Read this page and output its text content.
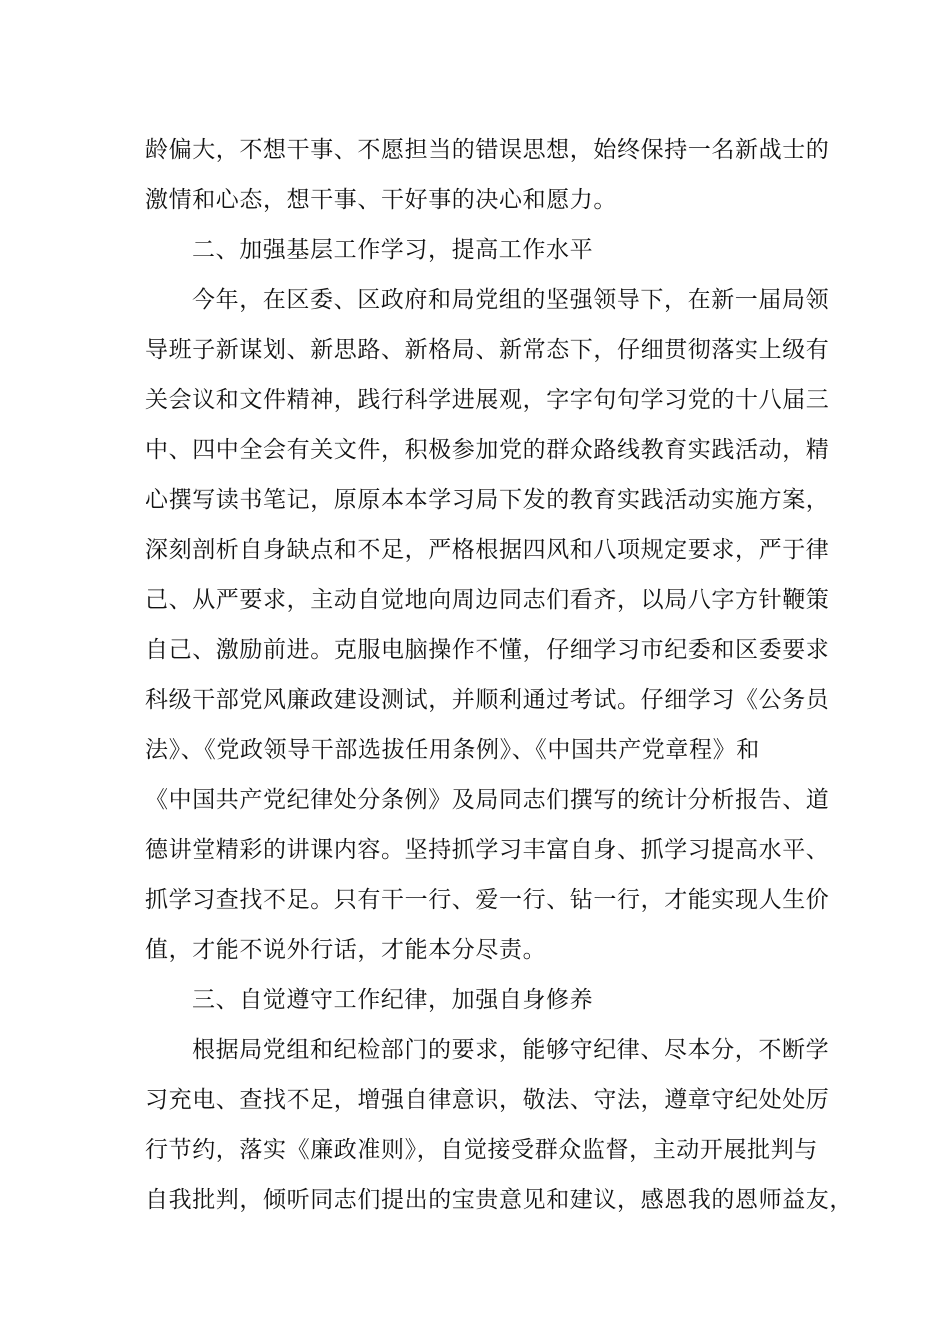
龄偏大，不想干事、不愿担当的错误思想，始终保持一名新战士的
激情和心态，想干事、干好事的决心和愿力。
二、加强基层工作学习，提高工作水平
今年，在区委、区政府和局党组的坚强领导下，在新一届局领
导班子新谋划、新思路、新格局、新常态下，仔细贯彻落实上级有
关会议和文件精神，践行科学进展观，字字句句学习党的十八届三
中、四中全会有关文件，积极参加党的群众路线教育实践活动，精
心撰写读书笔记，原原本本学习局下发的教育实践活动实施方案，
深刻剖析自身缺点和不足，严格根据四风和八项规定要求，严于律
己、从严要求，主动自觉地向周边同志们看齐，以局八字方针鞭策
自己、激励前进。克服电脑操作不懂，仔细学习市纪委和区委要求
科级干部党风廉政建设测试，并顺利通过考试。仔细学习《公务员
法》、《党政领导干部选拔任用条例》、《中国共产党章程》和
《中国共产党纪律处分条例》及局同志们撰写的统计分析报告、道
德讲堂精彩的讲课内容。坚持抓学习丰富自身、抓学习提高水平、
抓学习查找不足。只有干一行、爱一行、钻一行，才能实现人生价
值，才能不说外行话，才能本分尽责。
三、自觉遵守工作纪律，加强自身修养
根据局党组和纪检部门的要求，能够守纪律、尽本分，不断学
习充电、查找不足，增强自律意识，敬法、守法，遵章守纪处处厉
行节约，落实《廉政准则》，自觉接受群众监督，主动开展批判与
自我批判，倾听同志们提出的宝贵意见和建议，感恩我的恩师益友，
